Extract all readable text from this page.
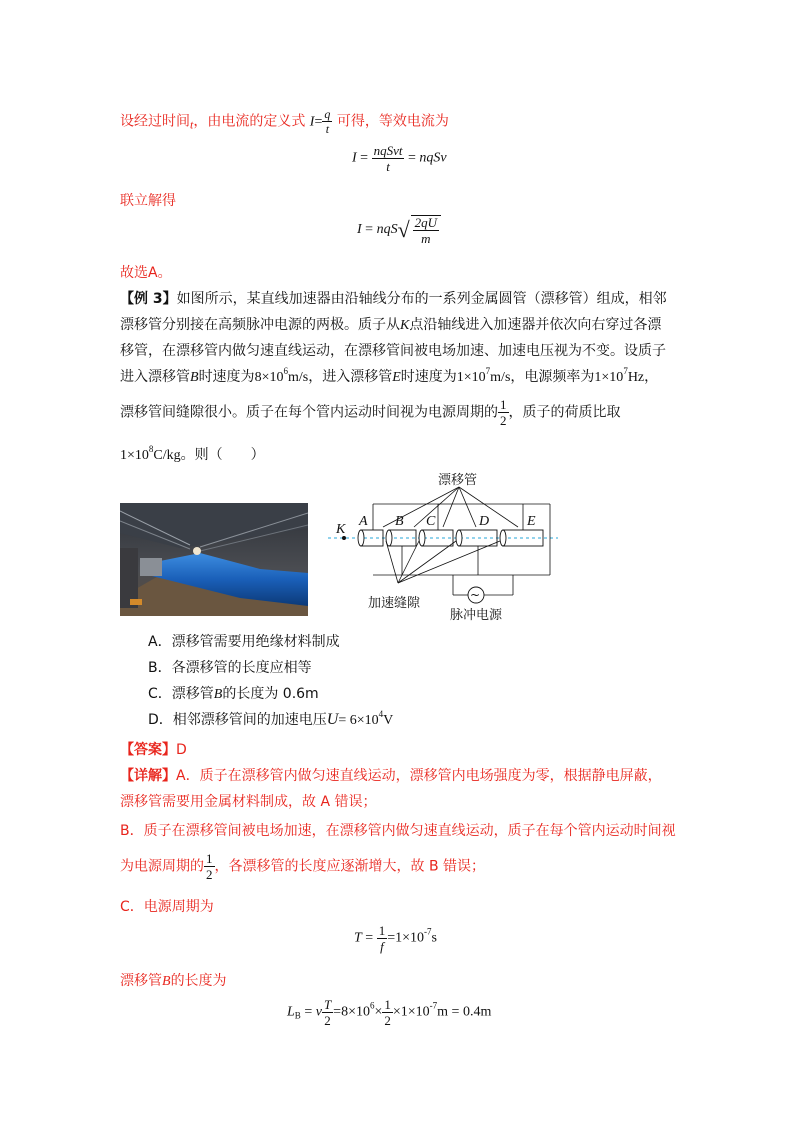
设经过时间t，由电流的定义式 $I= \frac{q}{t}$ 可得，等效电流为
$I = \frac{\text{nqSvt}}{t}$ = nqSv
联立解得
$I = nqS√ \frac{2qU}{m}$
故选A。
【例 3】如图所示，某直线加速器由沿轴线分布的一系列金属圆管（漂移管）组成，相邻
漂移管分别接在高频脉冲电源的两极。质子从K点沿轴线进入加速器并依次向右穿过各漂
移管，在漂移管内做匀速直线运动，在漂移管间被电场加速、加速电压视为不变。设质子
进入漂移管B时速度为$8\times 10^6m/s$，进入漂移管E时速度为$1\times 10^7m/s$，电源频率为$1\times 10^7Hz$，
漂移管间缝隙很小。质子在每个管内运动时间视为电源周期的 $\frac{1}{2}$ ，质子的荷质比取
$1\times 10^8C/kg$。则（　　）
漂移管
K
A B C	D	E
~
加速缝隙
脉冲电源
A．漂移管需要用绝缘材料制成
B．各漂移管的长度应相等
C．漂移管B的长度为 0.6m
D．相邻漂移管间的加速电压$U= 6\times 10^4V$
【答案】D
【详解】A．质子在漂移管内做匀速直线运动，漂移管内电场强度为零，根据静电屏蔽，
漂移管需要用金属材料制成，故 A 错误；
B．质子在漂移管间被电场加速，在漂移管内做匀速直线运动，质子在每个管内运动时间视
为电源周期的 $\frac{1}{2}$ ，各漂移管的长度应逐渐增大，故 B 错误；
C．电源周期为
$T = \frac{1}{f} =1\times 10^{-7}s$
漂移管B的长度为
$L_B = v \frac{T}{2} =8\times 10^6\times \frac{1}{2} \times 1\times 10^{-7}m = 0.4m$
